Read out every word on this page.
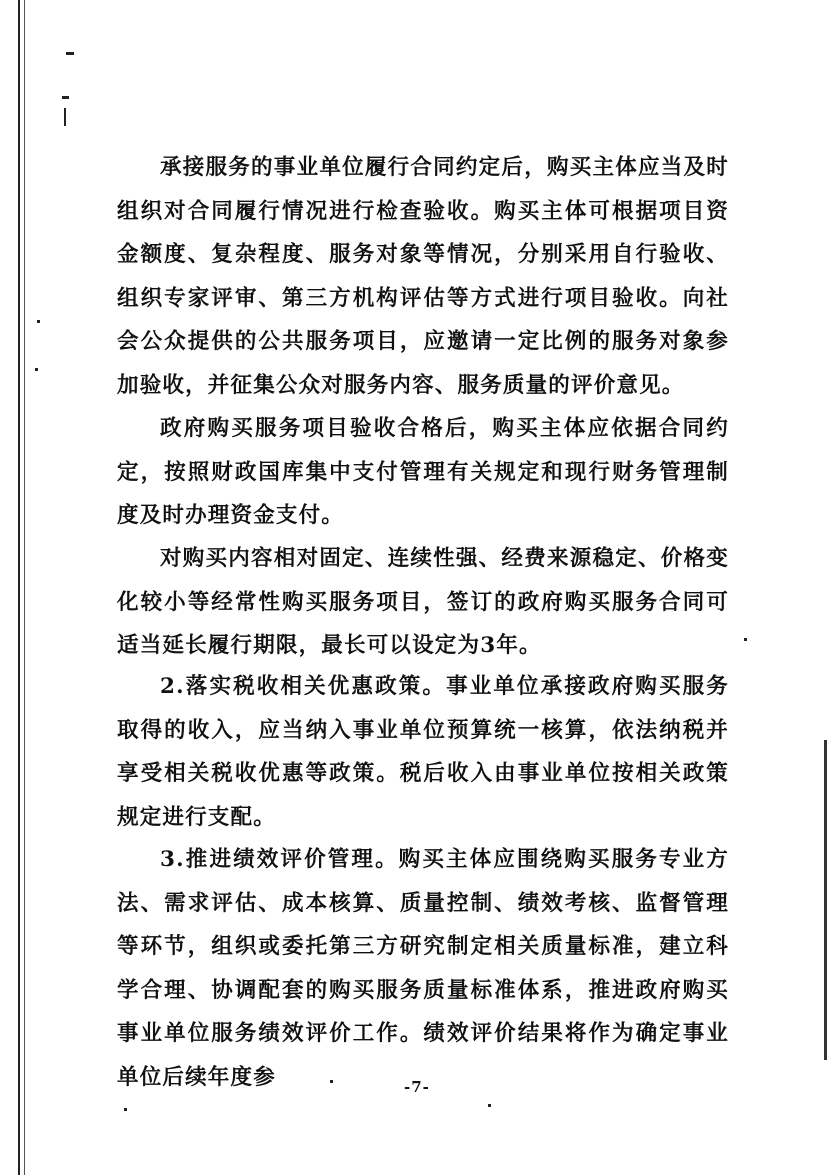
承接服务的事业单位履行合同约定后，购买主体应当及时组织对合同履行情况进行检查验收。购买主体可根据项目资金额度、复杂程度、服务对象等情况，分别采用自行验收、组织专家评审、第三方机构评估等方式进行项目验收。向社会公众提供的公共服务项目，应邀请一定比例的服务对象参加验收，并征集公众对服务内容、服务质量的评价意见。

政府购买服务项目验收合格后，购买主体应依据合同约定，按照财政国库集中支付管理有关规定和现行财务管理制度及时办理资金支付。

对购买内容相对固定、连续性强、经费来源稳定、价格变化较小等经常性购买服务项目，签订的政府购买服务合同可适当延长履行期限，最长可以设定为3年。

2.落实税收相关优惠政策。事业单位承接政府购买服务取得的收入，应当纳入事业单位预算统一核算，依法纳税并享受相关税收优惠等政策。税后收入由事业单位按相关政策规定进行支配。

3.推进绩效评价管理。购买主体应围绕购买服务专业方法、需求评估、成本核算、质量控制、绩效考核、监督管理等环节，组织或委托第三方研究制定相关质量标准，建立科学合理、协调配套的购买服务质量标准体系，推进政府购买事业单位服务绩效评价工作。绩效评价结果将作为确定事业单位后续年度参	-7-
